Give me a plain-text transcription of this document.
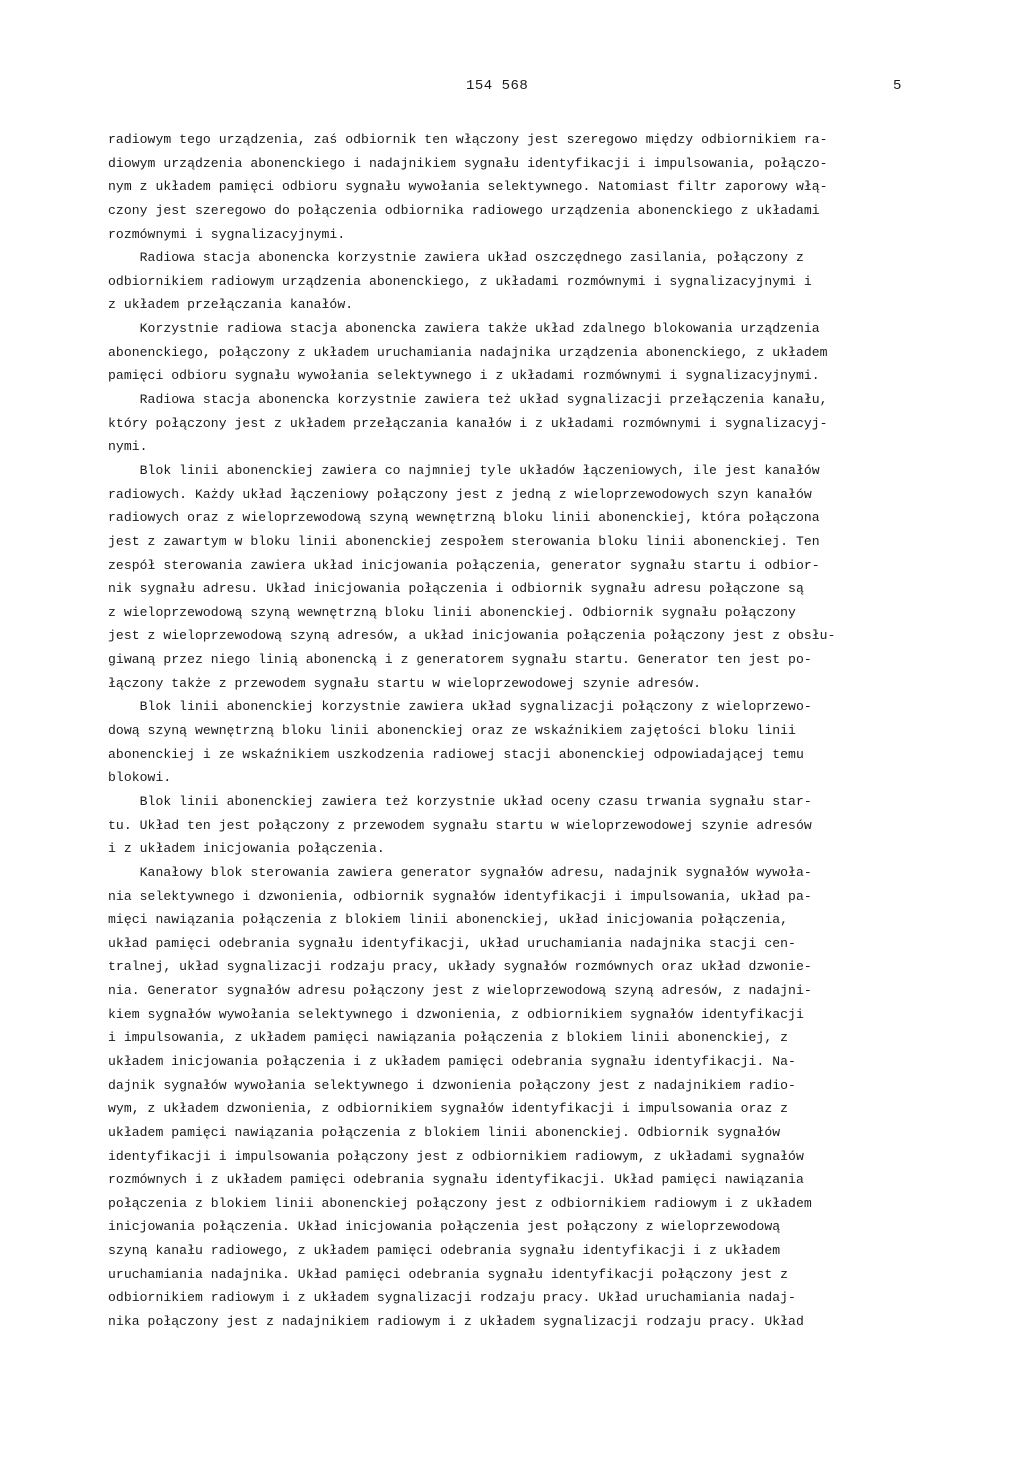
154 568	5
radiowym tego urządzenia, zaś odbiornik ten włączony jest szeregowo między odbiornikiem ra-
diowym urządzenia abonenckiego i nadajnikiem sygnału identyfikacji i impulsowania, połączo-
nym z układem pamięci odbioru sygnału wywołania selektywnego. Natomiast filtr zaporowy włą-
czony jest szeregowo do połączenia odbiornika radiowego urządzenia abonenckiego z układami
rozmównymi i sygnalizacyjnymi.
Radiowa stacja abonencka korzystnie zawiera układ oszczędnego zasilania, połączony z
odbiornikiem radiowym urządzenia abonenckiego, z układami rozmównymi i sygnalizacyjnymi i
z układem przełączania kanałów.
Korzystnie radiowa stacja abonencka zawiera także układ zdalnego blokowania urządzenia
abonenckiego, połączony z układem uruchamiania nadajnika urządzenia abonenckiego, z układem
pamięci odbioru sygnału wywołania selektywnego i z układami rozmównymi i sygnalizacyjnymi.
Radiowa stacja abonencka korzystnie zawiera też układ sygnalizacji przełączenia kanału,
który połączony jest z układem przełączania kanałów i z układami rozmównymi i sygnalizacyj-
nymi.
Blok linii abonenckiej zawiera co najmniej tyle układów łączeniowych, ile jest kanałów
radiowych. Każdy układ łączeniowy połączony jest z jedną z wieloprzewodowych szyn kanałów
radiowych oraz z wieloprzewodową szyną wewnętrzną bloku linii abonenckiej, która połączona
jest z zawartym w bloku linii abonenckiej zespołem sterowania bloku linii abonenckiej. Ten
zespół sterowania zawiera układ inicjowania połączenia, generator sygnału startu i odbior-
nik sygnału adresu. Układ inicjowania połączenia i odbiornik sygnału adresu połączone są
z wieloprzewodową szyną wewnętrzną bloku linii abonenckiej. Odbiornik sygnału połączony
jest z wieloprzewodową szyną adresów, a układ inicjowania połączenia połączony jest z obsłu-
giwaną przez niego linią abonencką i z generatorem sygnału startu. Generator ten jest po-
łączony także z przewodem sygnału startu w wieloprzewodowej szynie adresów.
Blok linii abonenckiej korzystnie zawiera układ sygnalizacji połączony z wieloprzewo-
dową szyną wewnętrzną bloku linii abonenckiej oraz ze wskaźnikiem zajętości bloku linii
abonenckiej i ze wskaźnikiem uszkodzenia radiowej stacji abonenckiej odpowiadającej temu
blokowi.
Blok linii abonenckiej zawiera też korzystnie układ oceny czasu trwania sygnału star-
tu. Układ ten jest połączony z przewodem sygnału startu w wieloprzewodowej szynie adresów
i z układem inicjowania połączenia.
Kanałowy blok sterowania zawiera generator sygnałów adresu, nadajnik sygnałów wywoła-
nia selektywnego i dzwonienia, odbiornik sygnałów identyfikacji i impulsowania, układ pa-
mięci nawiązania połączenia z blokiem linii abonenckiej, układ inicjowania połączenia,
układ pamięci odebrania sygnału identyfikacji, układ uruchamiania nadajnika stacji cen-
tralnej, układ sygnalizacji rodzaju pracy, układy sygnałów rozmównych oraz układ dzwonie-
nia. Generator sygnałów adresu połączony jest z wieloprzewodową szyną adresów, z nadajni-
kiem sygnałów wywołania selektywnego i dzwonienia, z odbiornikiem sygnałów identyfikacji
i impulsowania, z układem pamięci nawiązania połączenia z blokiem linii abonenckiej, z
układem inicjowania połączenia i z układem pamięci odebrania sygnału identyfikacji. Na-
dajnik sygnałów wywołania selektywnego i dzwonienia połączony jest z nadajnikiem radio-
wym, z układem dzwonienia, z odbiornikiem sygnałów identyfikacji i impulsowania oraz z
układem pamięci nawiązania połączenia z blokiem linii abonenckiej. Odbiornik sygnałów
identyfikacji i impulsowania połączony jest z odbiornikiem radiowym, z układami sygnałów
rozmównych i z układem pamięci odebrania sygnału identyfikacji. Układ pamięci nawiązania
połączenia z blokiem linii abonenckiej połączony jest z odbiornikiem radiowym i z układem
inicjowania połączenia. Układ inicjowania połączenia jest połączony z wieloprzewodową
szyną kanału radiowego, z układem pamięci odebrania sygnału identyfikacji i z układem
uruchamiania nadajnika. Układ pamięci odebrania sygnału identyfikacji połączony jest z
odbiornikiem radiowym i z układem sygnalizacji rodzaju pracy. Układ uruchamiania nadaj-
nika połączony jest z nadajnikiem radiowym i z układem sygnalizacji rodzaju pracy. Układ
